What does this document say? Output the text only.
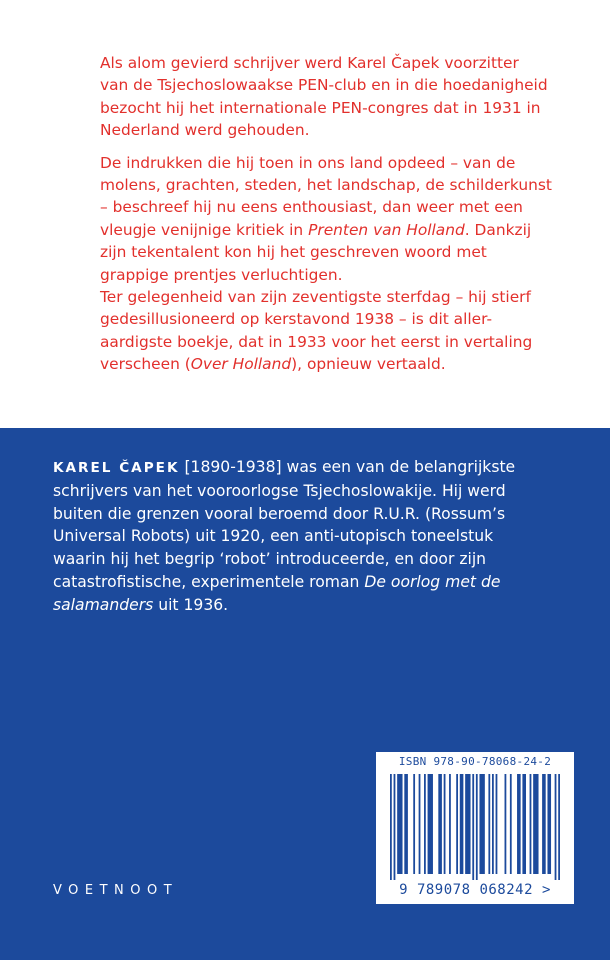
Als alom gevierd schrijver werd Karel Čapek voorzitter
van de Tsjechoslowaakse PEN-club en in die hoedanigheid
bezocht hij het internationale PEN-congres dat in 1931 in
Nederland werd gehouden.

De indrukken die hij toen in ons land opdeed – van de
molens, grachten, steden, het landschap, de schilderkunst
– beschreef hij nu eens enthousiast, dan weer met een
vleugje venijnige kritiek in Prenten van Holland. Dankzij
zijn tekentalent kon hij het geschreven woord met
grappige prentjes verluchtigen.

Ter gelegenheid van zijn zeventigste sterfdag – hij stierf
gedesillusioneerd op kerstavond 1938 – is dit aller-
aardigste boekje, dat in 1933 voor het eerst in vertaling
verscheen (Over Holland), opnieuw vertaald.

KAREL ČAPEK [1890-1938] was een van de belangrijkste
schrijvers van het vooroorlogse Tsjechoslowakije. Hij werd
buiten die grenzen vooral beroemd door R.U.R. (Rossum’s
Universal Robots) uit 1920, een anti-utopisch toneelstuk
waarin hij het begrip ‘robot’ introduceerde, en door zijn
catastrofistische, experimentele roman De oorlog met de
salamanders uit 1936.

ISBN 978-90-78068-24-2
9 789078 068242 >
VOETNOOT
